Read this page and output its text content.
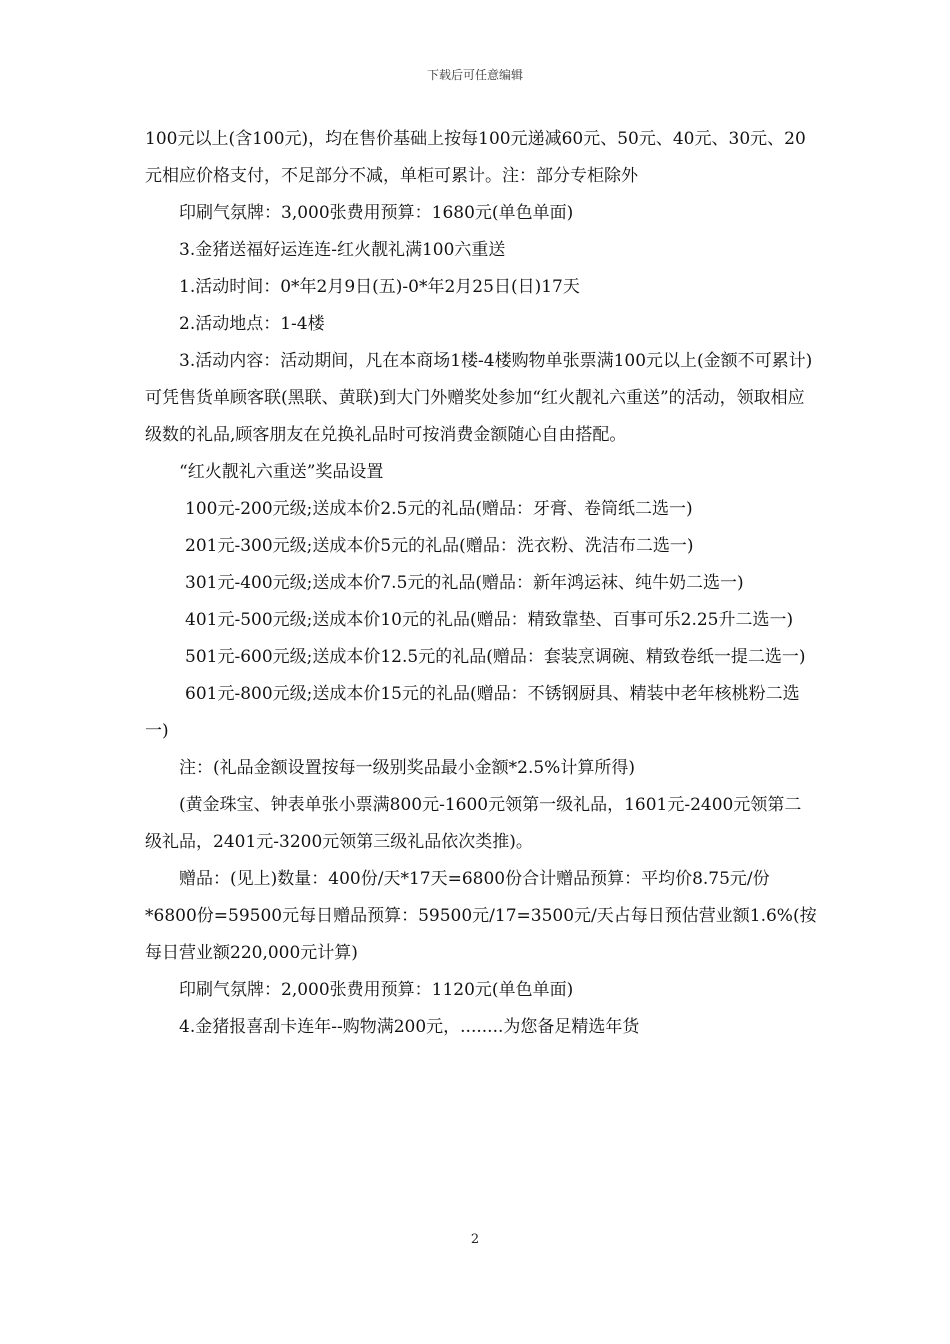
下载后可任意编辑

100元以上(含100元)，均在售价基础上按每100元递减60元、50元、40元、30元、20元相应价格支付，不足部分不减，单柜可累计。注：部分专柜除外

印刷气氛牌：3,000张费用预算：1680元(单色单面)

3.金猪送福好运连连-红火靓礼满100六重送

1.活动时间：0*年2月9日(五)-0*年2月25日(日)17天

2.活动地点：1-4楼

3.活动内容：活动期间，凡在本商场1楼-4楼购物单张票满100元以上(金额不可累计)可凭售货单顾客联(黑联、黄联)到大门外赠奖处参加“红火靓礼六重送”的活动，领取相应级数的礼品,顾客朋友在兑换礼品时可按消费金额随心自由搭配。

“红火靓礼六重送”奖品设置

100元-200元级;送成本价2.5元的礼品(赠品：牙膏、卷筒纸二选一)

201元-300元级;送成本价5元的礼品(赠品：洗衣粉、洗洁布二选一)

301元-400元级;送成本价7.5元的礼品(赠品：新年鸿运袜、纯牛奶二选一)

401元-500元级;送成本价10元的礼品(赠品：精致靠垫、百事可乐2.25升二选一)

501元-600元级;送成本价12.5元的礼品(赠品：套装烹调碗、精致卷纸一提二选一)

601元-800元级;送成本价15元的礼品(赠品：不锈钢厨具、精装中老年核桃粉二选一)

注：(礼品金额设置按每一级别奖品最小金额*2.5%计算所得)

(黄金珠宝、钟表单张小票满800元-1600元领第一级礼品，1601元-2400元领第二级礼品，2401元-3200元领第三级礼品依次类推)。

赠品：(见上)数量：400份/天*17天=6800份合计赠品预算：平均价8.75元/份*6800份=59500元每日赠品预算：59500元/17=3500元/天占每日预估营业额1.6%(按每日营业额220,000元计算)

印刷气氛牌：2,000张费用预算：1120元(单色单面)

4.金猪报喜刮卡连年--购物满200元，........为您备足精选年货

2
